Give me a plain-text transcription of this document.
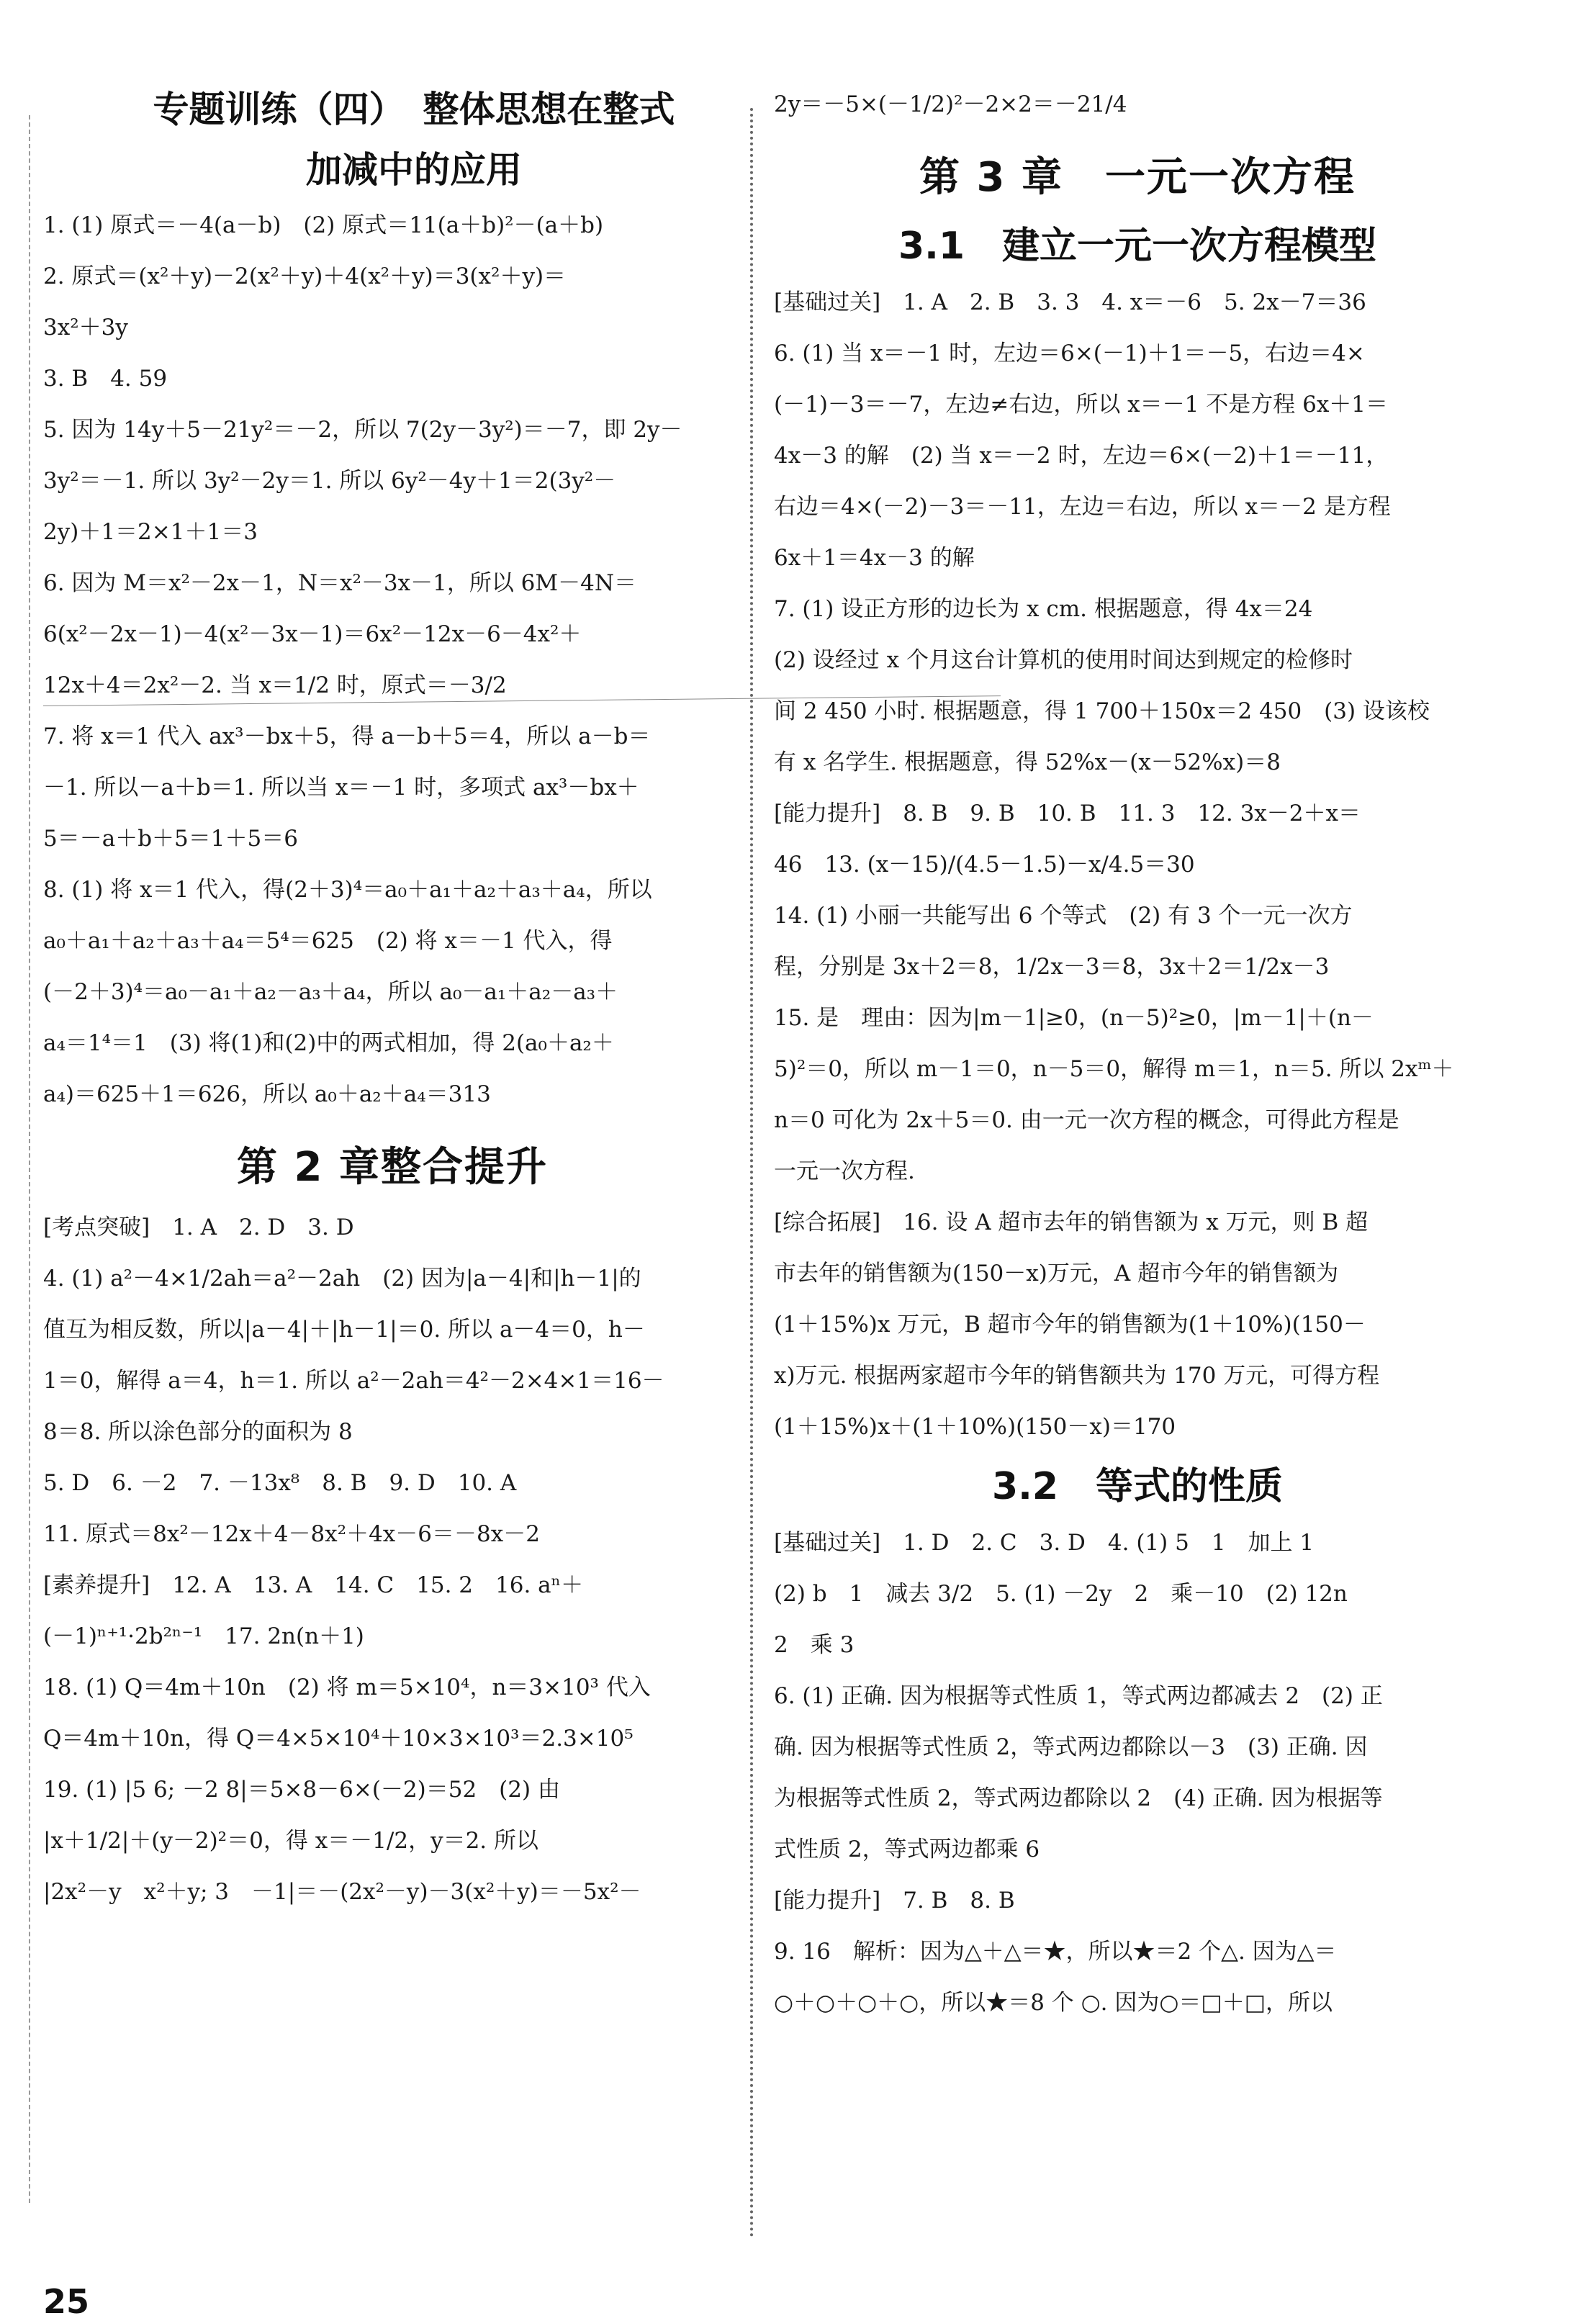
专题训练（四）　整体思想在整式
加减中的应用

1. (1) 原式＝－4(a－b)　(2) 原式＝11(a＋b)²－(a＋b)

2. 原式＝(x²＋y)－2(x²＋y)＋4(x²＋y)＝3(x²＋y)＝

3x²＋3y

3. B　4. 59

5. 因为 14y＋5－21y²＝－2，所以 7(2y－3y²)＝－7，即 2y－

3y²＝－1. 所以 3y²－2y＝1. 所以 6y²－4y＋1＝2(3y²－

2y)＋1＝2×1＋1＝3

6. 因为 M＝x²－2x－1，N＝x²－3x－1，所以 6M－4N＝

6(x²－2x－1)－4(x²－3x－1)＝6x²－12x－6－4x²＋

12x＋4＝2x²－2. 当 x＝1/2 时，原式＝－3/2

7. 将 x＝1 代入 ax³－bx＋5，得 a－b＋5＝4，所以 a－b＝

－1. 所以－a＋b＝1. 所以当 x＝－1 时，多项式 ax³－bx＋

5＝－a＋b＋5＝1＋5＝6

8. (1) 将 x＝1 代入，得(2＋3)⁴＝a₀＋a₁＋a₂＋a₃＋a₄，所以

a₀＋a₁＋a₂＋a₃＋a₄＝5⁴＝625　(2) 将 x＝－1 代入，得

(－2＋3)⁴＝a₀－a₁＋a₂－a₃＋a₄，所以 a₀－a₁＋a₂－a₃＋

a₄＝1⁴＝1　(3) 将(1)和(2)中的两式相加，得 2(a₀＋a₂＋

a₄)＝625＋1＝626，所以 a₀＋a₂＋a₄＝313

第 2 章整合提升

[考点突破]　1. A　2. D　3. D

4. (1) a²－4×1/2ah＝a²－2ah　(2) 因为|a－4|和|h－1|的

值互为相反数，所以|a－4|＋|h－1|＝0. 所以 a－4＝0，h－

1＝0，解得 a＝4，h＝1. 所以 a²－2ah＝4²－2×4×1＝16－

8＝8. 所以涂色部分的面积为 8

5. D　6. －2　7. －13x⁸　8. B　9. D　10. A

11. 原式＝8x²－12x＋4－8x²＋4x－6＝－8x－2

[素养提升]　12. A　13. A　14. C　15. 2　16. aⁿ＋

(－1)ⁿ⁺¹·2b²ⁿ⁻¹　17. 2n(n＋1)

18. (1) Q＝4m＋10n　(2) 将 m＝5×10⁴，n＝3×10³ 代入

Q＝4m＋10n，得 Q＝4×5×10⁴＋10×3×10³＝2.3×10⁵

19. (1) |5 6; －2 8|＝5×8－6×(－2)＝52　(2) 由

|x＋1/2|＋(y－2)²＝0，得 x＝－1/2，y＝2. 所以

|2x²－y　x²＋y; 3　－1|＝－(2x²－y)－3(x²＋y)＝－5x²－

25

2y＝－5×(－1/2)²－2×2＝－21/4

第 3 章　一元一次方程
3.1　建立一元一次方程模型

[基础过关]　1. A　2. B　3. 3　4. x＝－6　5. 2x－7＝36

6. (1) 当 x＝－1 时，左边＝6×(－1)＋1＝－5，右边＝4×

(－1)－3＝－7，左边≠右边，所以 x＝－1 不是方程 6x＋1＝

4x－3 的解　(2) 当 x＝－2 时，左边＝6×(－2)＋1＝－11，

右边＝4×(－2)－3＝－11，左边＝右边，所以 x＝－2 是方程

6x＋1＝4x－3 的解

7. (1) 设正方形的边长为 x cm. 根据题意，得 4x＝24

(2) 设经过 x 个月这台计算机的使用时间达到规定的检修时

间 2 450 小时. 根据题意，得 1 700＋150x＝2 450　(3) 设该校

有 x 名学生. 根据题意，得 52%x－(x－52%x)＝8

[能力提升]　8. B　9. B　10. B　11. 3　12. 3x－2＋x＝

46　13. (x－15)/(4.5－1.5)－x/4.5＝30

14. (1) 小丽一共能写出 6 个等式　(2) 有 3 个一元一次方

程，分别是 3x＋2＝8，1/2x－3＝8，3x＋2＝1/2x－3

15. 是　理由：因为|m－1|≥0，(n－5)²≥0，|m－1|＋(n－

5)²＝0，所以 m－1＝0，n－5＝0，解得 m＝1，n＝5. 所以 2xᵐ＋

n＝0 可化为 2x＋5＝0. 由一元一次方程的概念，可得此方程是

一元一次方程.

[综合拓展]　16. 设 A 超市去年的销售额为 x 万元，则 B 超

市去年的销售额为(150－x)万元，A 超市今年的销售额为

(1＋15%)x 万元，B 超市今年的销售额为(1＋10%)(150－

x)万元. 根据两家超市今年的销售额共为 170 万元，可得方程

(1＋15%)x＋(1＋10%)(150－x)＝170

3.2　等式的性质

[基础过关]　1. D　2. C　3. D　4. (1) 5　1　加上 1

(2) b　1　减去 3/2　5. (1) －2y　2　乘－10　(2) 12n

2　乘 3

6. (1) 正确. 因为根据等式性质 1，等式两边都减去 2　(2) 正

确. 因为根据等式性质 2，等式两边都除以－3　(3) 正确. 因

为根据等式性质 2，等式两边都除以 2　(4) 正确. 因为根据等

式性质 2，等式两边都乘 6

[能力提升]　7. B　8. B

9. 16　解析：因为△＋△＝★，所以★＝2 个△. 因为△＝

○＋○＋○＋○，所以★＝8 个 ○. 因为○＝□＋□，所以
